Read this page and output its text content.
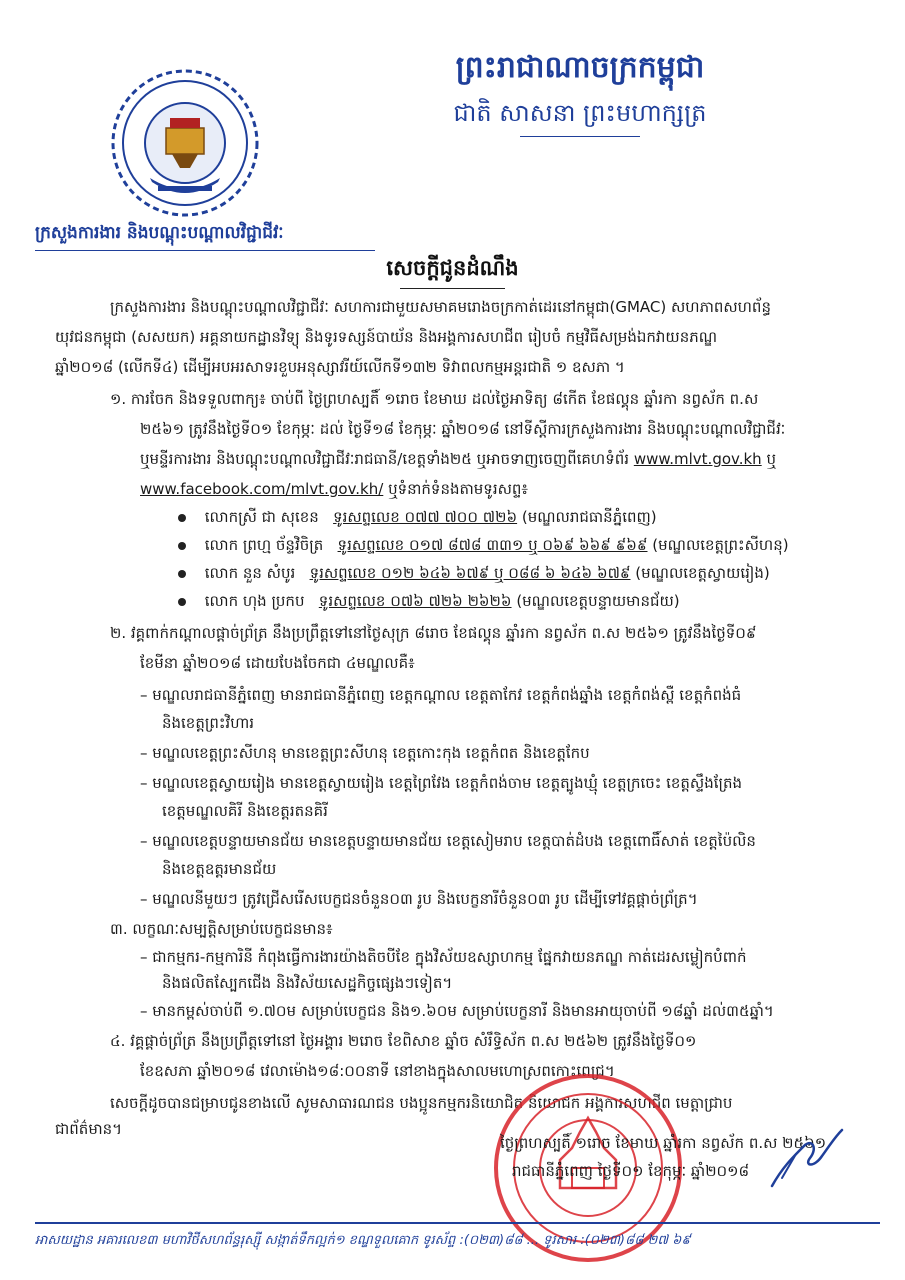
ព្រះរាជាណាចក្រកម្ពុជា
ជាតិ សាសនា ព្រះមហាក្សត្រ
ក្រសួងការងារ និងបណ្តុះបណ្តាលវិជ្ជាជីវៈ
សេចក្តីជូនដំណឹង
ក្រសួងការងារ និងបណ្តុះបណ្តាលវិជ្ជាជីវៈ សហការជាមួយសមាគមរោងចក្រកាត់ដេរនៅកម្ពុជា(GMAC) សហភាពសហព័ន្ធ
យុវជនកម្ពុជា (សសយក) អគ្គនាយកដ្ឋានវិទ្យុ និងទូរទស្សន៍បាយ័ន និងអង្គការសហជីព រៀបចំ កម្មវិធីសម្រង់ឯកវាយនភណ្ឌ
ឆ្នាំ២០១៨ (លើកទី៤) ដើម្បីអបអរសាទរខួបអនុស្សាវរីយ៍លើកទី១៣២ ទិវាពលកម្មអន្តរជាតិ ១ ឧសភា ។
១. ការចែក និងទទួលពាក្យ៖ ចាប់ពី ថ្ងៃព្រហស្បតិ៍ ១រោច ខែមាឃ ដល់ថ្ងៃអាទិត្យ ៨កើត ខែផល្គុន ឆ្នាំរកា នព្វស័ក ព.ស
២៥៦១ ត្រូវនឹងថ្ងៃទី០១ ខែកុម្ភៈ ដល់ ថ្ងៃទី១៨ ខែកុម្ភៈ ឆ្នាំ២០១៨ នៅទីស្តីការក្រសួងការងារ និងបណ្តុះបណ្តាលវិជ្ជាជីវៈ
ឬមន្ទីរការងារ និងបណ្តុះបណ្តាលវិជ្ជាជីវៈរាជធានី/ខេត្តទាំង២៥ ឬអាចទាញចេញពីគេហទំព័រ www.mlvt.gov.kh ឬ
www.facebook.com/mlvt.gov.kh/ ឬទំនាក់ទំនងតាមទូរសព្ទ៖
លោកស្រី ជា សុខេន ទូរសព្ទលេខ ០៧៧ ៧០០ ៧២៦ (មណ្ឌលរាជធានីភ្នំពេញ)
លោក ព្រហ្ម ច័ន្ទវិចិត្រ ទូរសព្ទលេខ ០១៧ ៨៧៨ ៣៣១ ឬ ០៦៩ ៦៦៩ ៩៦៩ (មណ្ឌលខេត្តព្រះសីហនុ)
លោក នួន សំបូរ ទូរសព្ទលេខ ០១២ ៦៤៦ ៦៧៩ ឬ ០៨៨ ៦ ៦៤៦ ៦៧៩ (មណ្ឌលខេត្តស្វាយរៀង)
លោក ហុង ប្រកប ទូរសព្ទលេខ ០៧៦ ៧២៦ ២៦២៦ (មណ្ឌលខេត្តបន្ទាយមានជ័យ)
២. វគ្គពាក់កណ្តាលផ្តាច់ព្រ័ត្រ នឹងប្រព្រឹត្តទៅនៅថ្ងៃសុក្រ ៨រោច ខែផល្គុន ឆ្នាំរកា នព្វស័ក ព.ស ២៥៦១ ត្រូវនឹងថ្ងៃទី០៩
ខែមីនា ឆ្នាំ២០១៨ ដោយបែងចែកជា ៤មណ្ឌលគឺ៖
– មណ្ឌលរាជធានីភ្នំពេញ មានរាជធានីភ្នំពេញ ខេត្តកណ្តាល ខេត្តតាកែវ ខេត្តកំពង់ឆ្នាំង ខេត្តកំពង់ស្ពឺ ខេត្តកំពង់ធំ
និងខេត្តព្រះវិហារ
– មណ្ឌលខេត្តព្រះសីហនុ មានខេត្តព្រះសីហនុ ខេត្តកោះកុង ខេត្តកំពត និងខេត្តកែប
– មណ្ឌលខេត្តស្វាយរៀង មានខេត្តស្វាយរៀង ខេត្តព្រៃវែង ខេត្តកំពង់ចាម ខេត្តត្បូងឃ្មុំ ខេត្តក្រចេះ ខេត្តស្ទឹងត្រែង
ខេត្តមណ្ឌលគិរី និងខេត្តរតនគិរី
– មណ្ឌលខេត្តបន្ទាយមានជ័យ មានខេត្តបន្ទាយមានជ័យ ខេត្តសៀមរាប ខេត្តបាត់ដំបង ខេត្តពោធិ៍សាត់ ខេត្តប៉ៃលិន
និងខេត្តឧត្តរមានជ័យ
– មណ្ឌលនីមួយៗ ត្រូវជ្រើសរើសបេក្ខជនចំនួន០៣ រូប និងបេក្ខនារីចំនួន០៣ រូប ដើម្បីទៅវគ្គផ្តាច់ព្រ័ត្រ។
៣. លក្ខណៈសម្បត្តិសម្រាប់បេក្ខជនមាន៖
– ជាកម្មករ-កម្មការិនី កំពុងធ្វើការងារយ៉ាងតិចបីខែ ក្នុងវិស័យឧស្សាហកម្ម ផ្នែកវាយនភណ្ឌ កាត់ដេរសម្លៀកបំពាក់
និងផលិតស្បែកជើង និងវិស័យសេដ្ឋកិច្ចផ្សេងៗទៀត។
– មានកម្ពស់ចាប់ពី ១.៧០ម សម្រាប់បេក្ខជន និង១.៦០ម សម្រាប់បេក្ខនារី និងមានអាយុចាប់ពី ១៨ឆ្នាំ ដល់៣៥ឆ្នាំ។
៤. វគ្គផ្តាច់ព្រ័ត្រ នឹងប្រព្រឹត្តទៅនៅ ថ្ងៃអង្គារ ២រោច ខែពិសាខ ឆ្នាំច សំរឹទ្ធិស័ក ព.ស ២៥៦២ ត្រូវនឹងថ្ងៃទី០១
ខែឧសភា ឆ្នាំ២០១៨ វេលាម៉ោង១៨:០០នាទី នៅខាងក្នុងសាលមហោស្រពកោះពេជ្រ។
សេចក្តីដូចបានជម្រាបជូនខាងលើ សូមសាធារណជន បងប្អូនកម្មករនិយោជិត និយោជក អង្គការសហជីព មេត្តាជ្រាប
ជាព័ត៌មាន។
ថ្ងៃព្រហស្បតិ៍ ១រោច ខែមាឃ ឆ្នាំរកា នព្វស័ក ព.ស ២៥៦១
រាជធានីភ្នំពេញ ថ្ងៃទី០១ ខែកុម្ភៈ ឆ្នាំ២០១៨
អាសយដ្ឋាន អគារលេខ៣ មហាវិថីសហព័ន្ធរុស្ស៊ី សង្កាត់ទឹកល្អក់១ ខណ្ឌទួលគោក ទូរស័ព្ទ :(០២៣)៨៨ ... ទូរសារ :(០២៣)៨៨ ២៧ ៦៩
